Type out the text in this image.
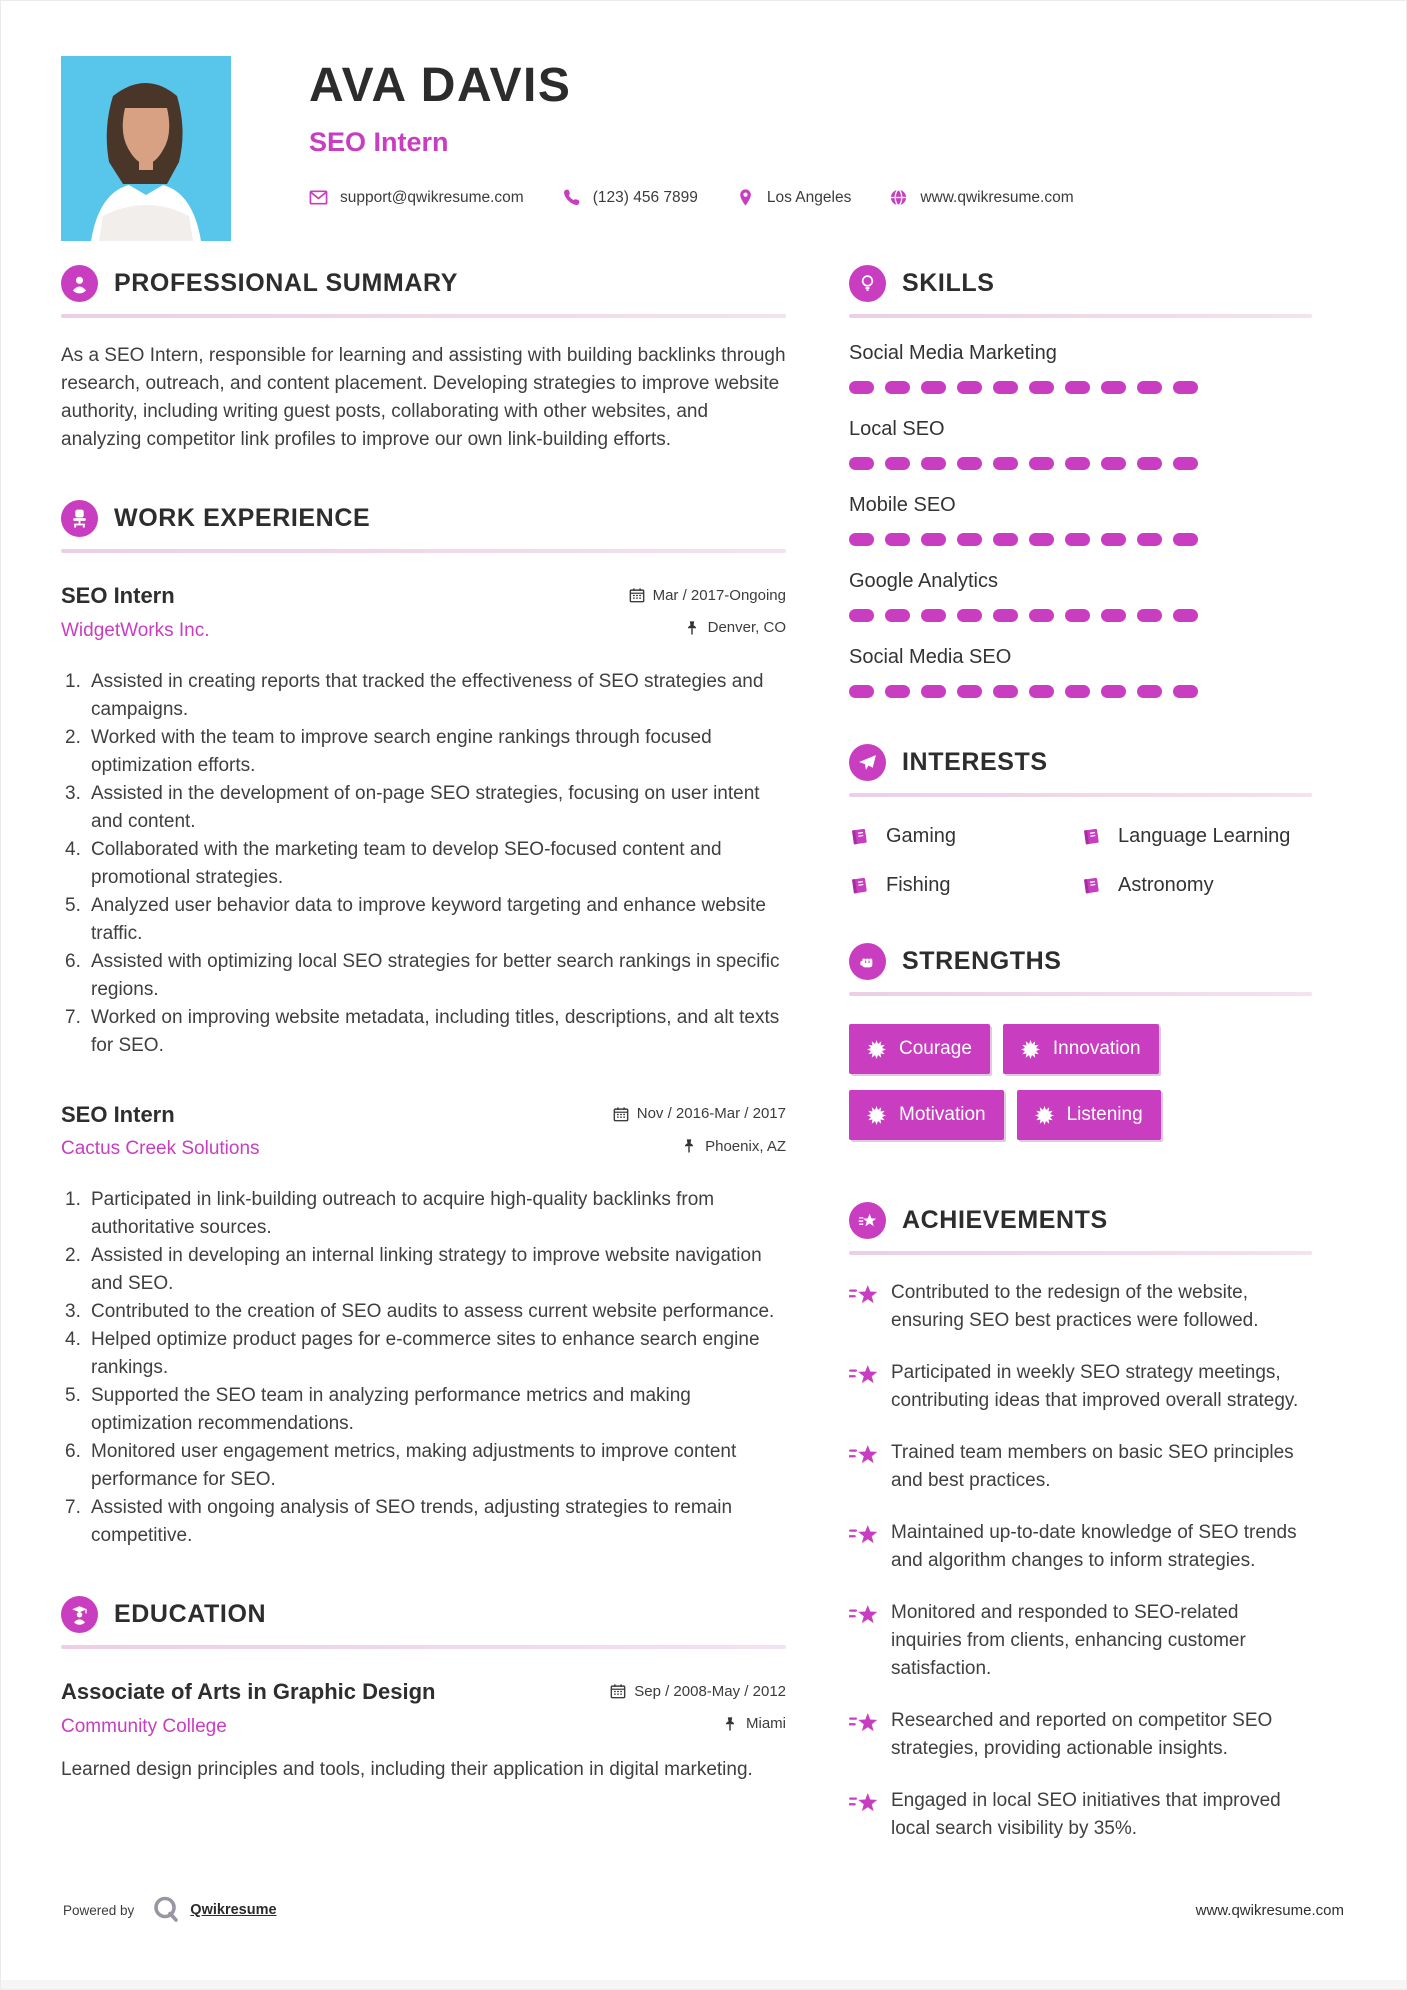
AVA DAVIS
SEO Intern
support@qwikresume.com	(123) 456 7899	Los Angeles	www.qwikresume.com
PROFESSIONAL SUMMARY

As a SEO Intern, responsible for learning and assisting with building backlinks through research, outreach, and content placement. Developing strategies to improve website authority, including writing guest posts, collaborating with other websites, and analyzing competitor link profiles to improve our own link-building efforts.

WORK EXPERIENCE
SEO Intern	Mar / 2017-Ongoing
WidgetWorks Inc.	Denver, CO
Assisted in creating reports that tracked the effectiveness of SEO strategies and campaigns.
Worked with the team to improve search engine rankings through focused optimization efforts.
Assisted in the development of on-page SEO strategies, focusing on user intent and content.
Collaborated with the marketing team to develop SEO-focused content and promotional strategies.
Analyzed user behavior data to improve keyword targeting and enhance website traffic.
Assisted with optimizing local SEO strategies for better search rankings in specific regions.
Worked on improving website metadata, including titles, descriptions, and alt texts for SEO.
SEO Intern	Nov / 2016-Mar / 2017
Cactus Creek Solutions	Phoenix, AZ
Participated in link-building outreach to acquire high-quality backlinks from authoritative sources.
Assisted in developing an internal linking strategy to improve website navigation and SEO.
Contributed to the creation of SEO audits to assess current website performance.
Helped optimize product pages for e-commerce sites to enhance search engine rankings.
Supported the SEO team in analyzing performance metrics and making optimization recommendations.
Monitored user engagement metrics, making adjustments to improve content performance for SEO.
Assisted with ongoing analysis of SEO trends, adjusting strategies to remain competitive.
EDUCATION
Associate of Arts in Graphic Design	Sep / 2008-May / 2012
Community College	Miami

Learned design principles and tools, including their application in digital marketing.

SKILLS
Social Media Marketing
Local SEO
Mobile SEO
Google Analytics
Social Media SEO
INTERESTS
Gaming	Language Learning
Fishing	Astronomy
STRENGTHS
Courage	Innovation
Motivation	Listening
ACHIEVEMENTS

Contributed to the redesign of the website, ensuring SEO best practices were followed.

Participated in weekly SEO strategy meetings, contributing ideas that improved overall strategy.

Trained team members on basic SEO principles and best practices.

Maintained up-to-date knowledge of SEO trends and algorithm changes to inform strategies.

Monitored and responded to SEO-related inquiries from clients, enhancing customer satisfaction.

Researched and reported on competitor SEO strategies, providing actionable insights.

Engaged in local SEO initiatives that improved local search visibility by 35%.

Powered by	Qwikresume	www.qwikresume.com
